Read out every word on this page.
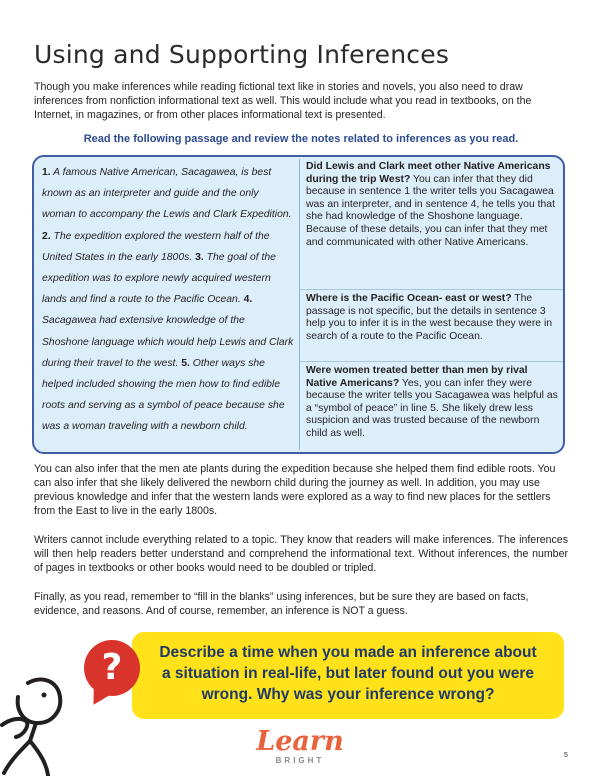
Using and Supporting Inferences

Though you make inferences while reading fictional text like in stories and novels, you also need to draw inferences from nonfiction informational text as well. This would include what you read in textbooks, on the Internet, in magazines, or from other places informational text is presented.

Read the following passage and review the notes related to inferences as you read.
1. A famous Native American, Sacagawea, is best known as an interpreter and guide and the only woman to accompany the Lewis and Clark Expedition. 2. The expedition explored the western half of the United States in the early 1800s. 3. The goal of the expedition was to explore newly acquired western lands and find a route to the Pacific Ocean. 4. Sacagawea had extensive knowledge of the Shoshone language which would help Lewis and Clark during their travel to the west. 5. Other ways she helped included showing the men how to find edible roots and serving as a symbol of peace because she was a woman traveling with a newborn child.
Did Lewis and Clark meet other Native Americans during the trip West? You can infer that they did because in sentence 1 the writer tells you Sacagawea was an interpreter, and in sentence 4, he tells you that she had knowledge of the Shoshone language. Because of these details, you can infer that they met and communicated with other Native Americans.
Where is the Pacific Ocean- east or west? The passage is not specific, but the details in sentence 3 help you to infer it is in the west because they were in search of a route to the Pacific Ocean.
Were women treated better than men by rival Native Americans? Yes, you can infer they were because the writer tells you Sacagawea was helpful as a “symbol of peace” in line 5. She likely drew less suspicion and was trusted because of the newborn child as well.

You can also infer that the men ate plants during the expedition because she helped them find edible roots. You can also infer that she likely delivered the newborn child during the journey as well. In addition, you may use previous knowledge and infer that the western lands were explored as a way to find new places for the settlers from the East to live in the early 1800s.

Writers cannot include everything related to a topic. They know that readers will make inferences. The inferences will then help readers better understand and comprehend the informational text. Without inferences, the number of pages in textbooks or other books would need to be doubled or tripled.

Finally, as you read, remember to “fill in the blanks” using inferences, but be sure they are based on facts, evidence, and reasons. And of course, remember, an inference is NOT a guess.

Describe a time when you made an inference about
a situation in real-life, but later found out you were
wrong. Why was your inference wrong?
?
Learn
BRIGHT
5
